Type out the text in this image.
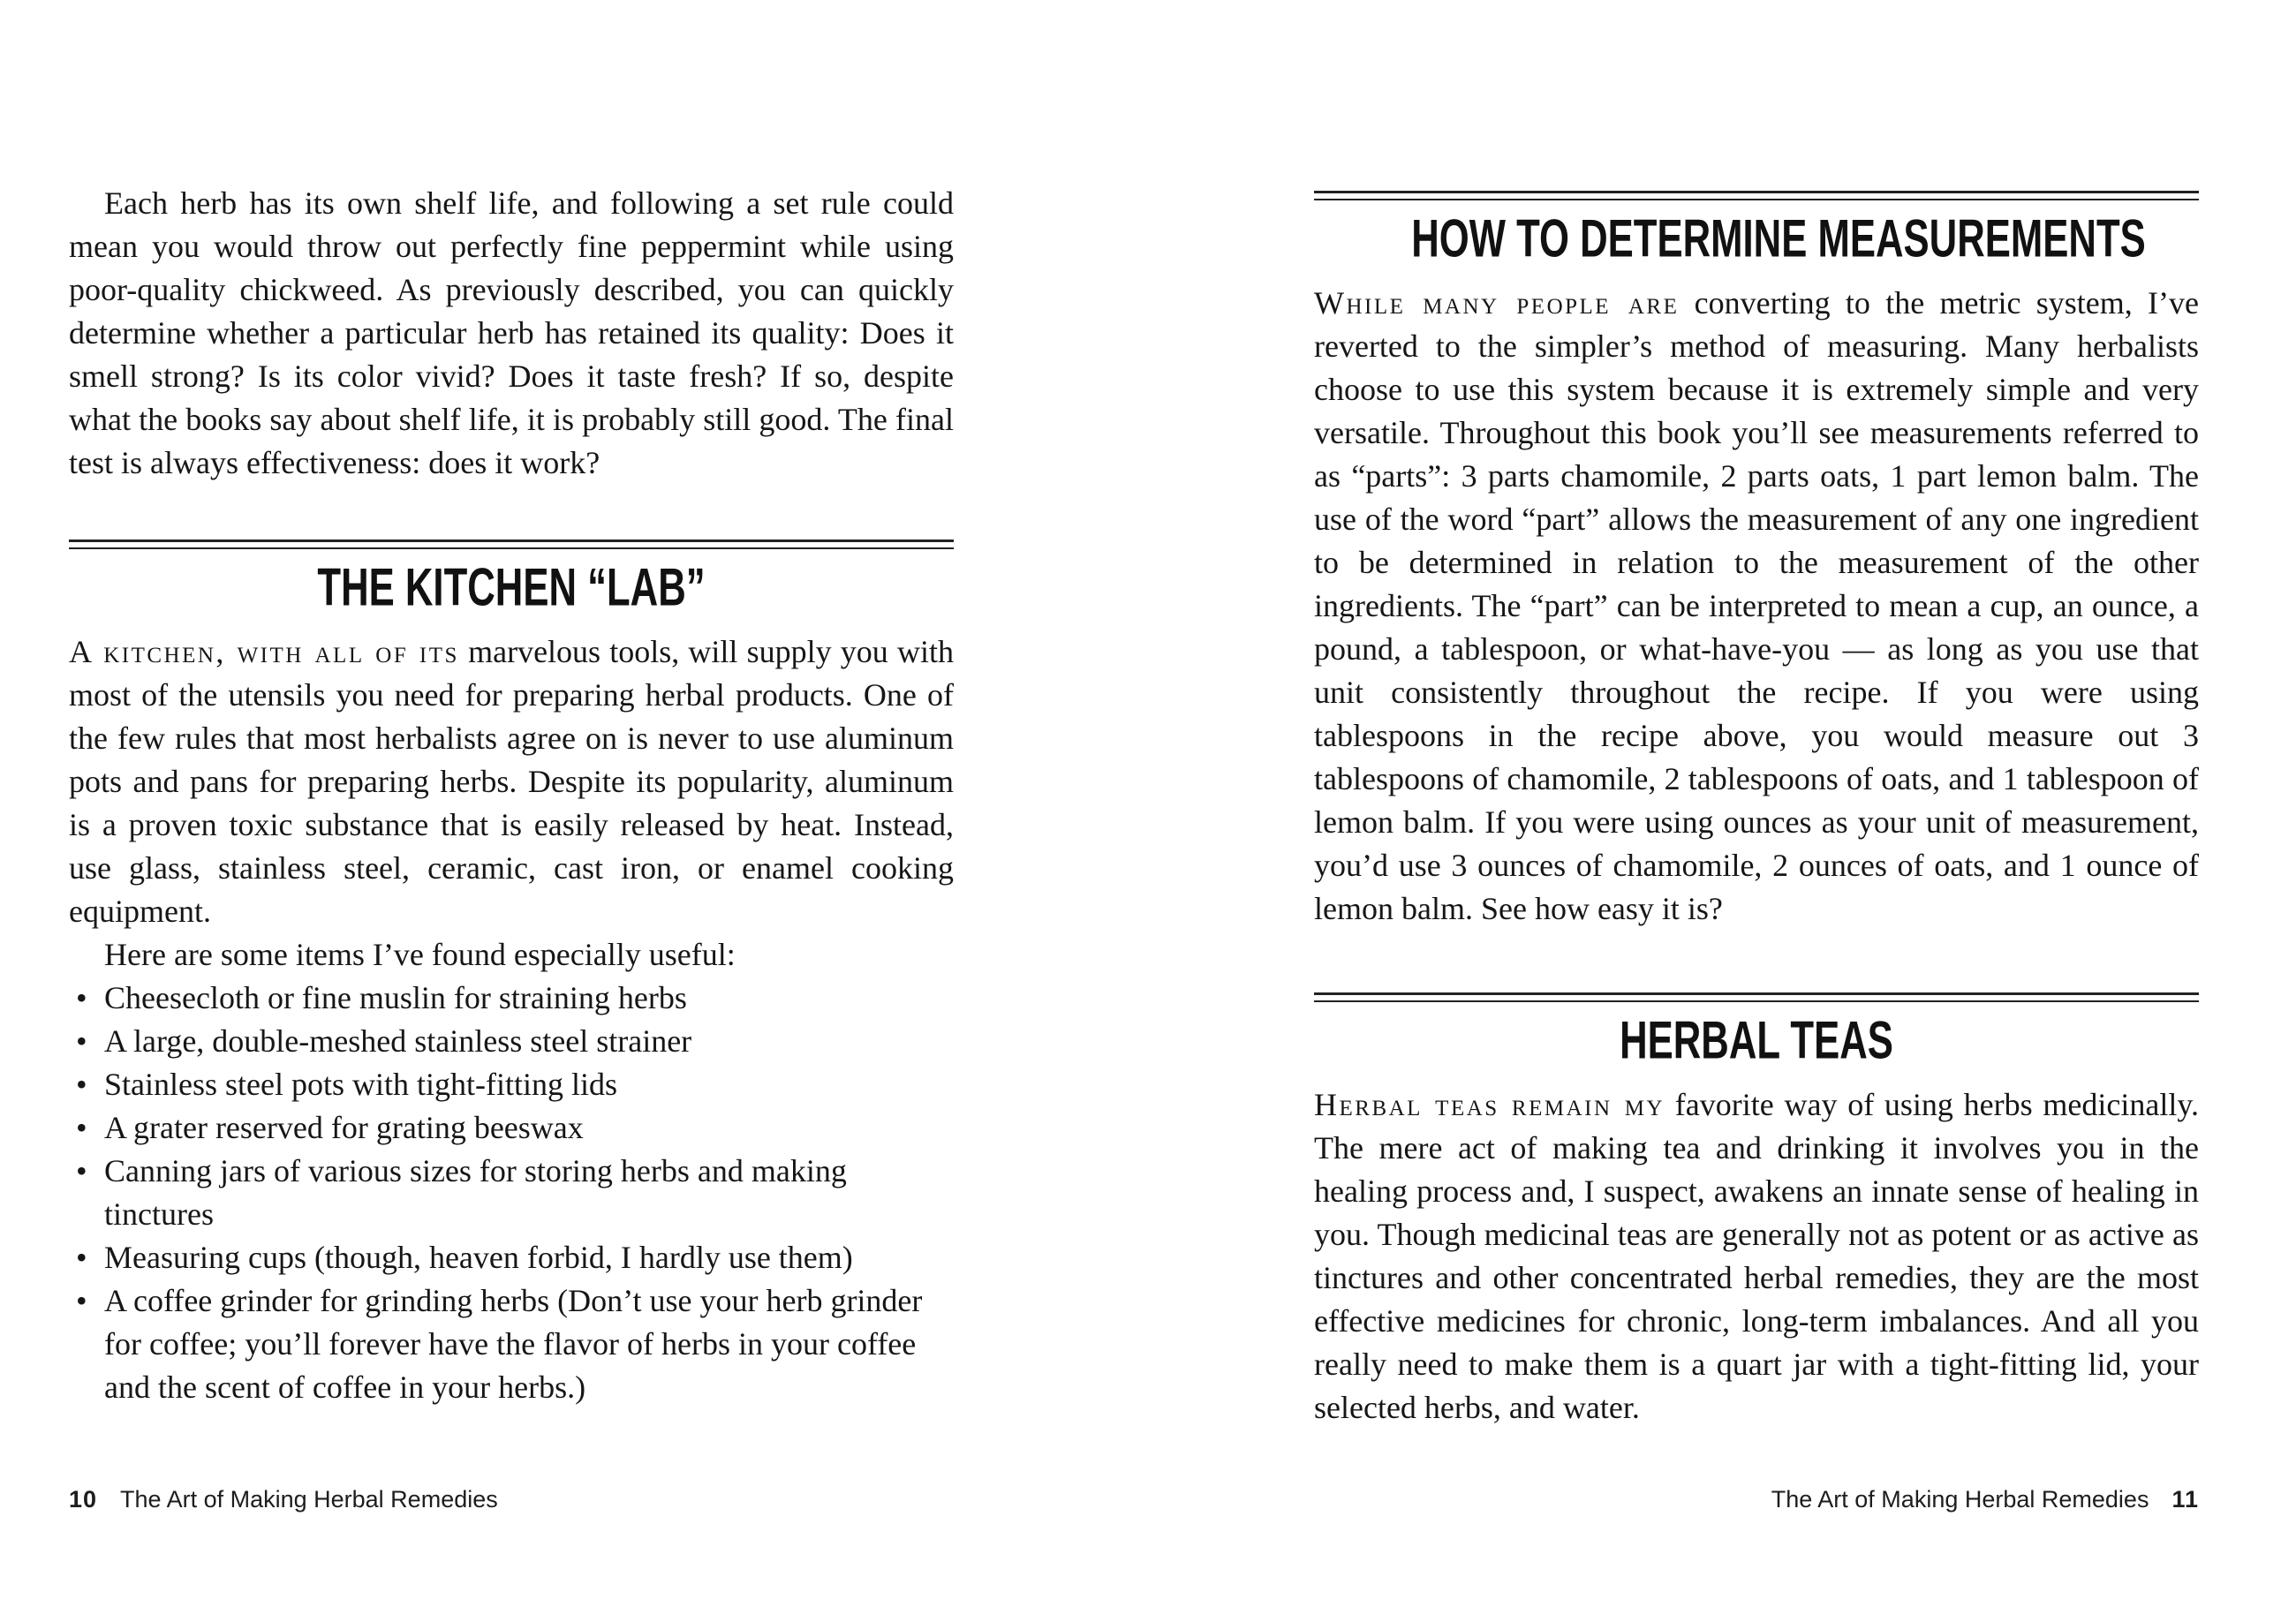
Each herb has its own shelf life, and following a set rule could mean you would throw out perfectly fine peppermint while using poor-quality chickweed. As previously described, you can quickly determine whether a particular herb has retained its quality: Does it smell strong? Is its color vivid? Does it taste fresh? If so, despite what the books say about shelf life, it is probably still good. The final test is always effectiveness: does it work?

THE KITCHEN “LAB”

A kitchen, with all of its marvelous tools, will supply you with most of the utensils you need for preparing herbal products. One of the few rules that most herbalists agree on is never to use aluminum pots and pans for preparing herbs. Despite its popularity, aluminum is a proven toxic substance that is easily released by heat. Instead, use glass, stainless steel, ceramic, cast iron, or enamel cooking equipment.

Here are some items I’ve found especially useful:

• Cheesecloth or fine muslin for straining herbs
• A large, double-meshed stainless steel strainer
• Stainless steel pots with tight-fitting lids
• A grater reserved for grating beeswax
• Canning jars of various sizes for storing herbs and making tinctures
• Measuring cups (though, heaven forbid, I hardly use them)
• A coffee grinder for grinding herbs (Don’t use your herb grinder for coffee; you’ll forever have the flavor of herbs in your coffee and the scent of coffee in your herbs.)
HOW TO DETERMINE MEASUREMENTS

While many people are converting to the metric system, I’ve reverted to the simpler’s method of measuring. Many herbalists choose to use this system because it is extremely simple and very versatile. Throughout this book you’ll see measurements referred to as “parts”: 3 parts chamomile, 2 parts oats, 1 part lemon balm. The use of the word “part” allows the measurement of any one ingredient to be determined in relation to the measurement of the other ingredients. The “part” can be interpreted to mean a cup, an ounce, a pound, a tablespoon, or what-have-you — as long as you use that unit consistently throughout the recipe. If you were using tablespoons in the recipe above, you would measure out 3 tablespoons of chamomile, 2 tablespoons of oats, and 1 tablespoon of lemon balm. If you were using ounces as your unit of measurement, you’d use 3 ounces of chamomile, 2 ounces of oats, and 1 ounce of lemon balm. See how easy it is?

HERBAL TEAS

Herbal teas remain my favorite way of using herbs medicinally. The mere act of making tea and drinking it involves you in the healing process and, I suspect, awakens an innate sense of healing in you. Though medicinal teas are generally not as potent or as active as tinctures and other concentrated herbal remedies, they are the most effective medicines for chronic, long-term imbalances. And all you really need to make them is a quart jar with a tight-fitting lid, your selected herbs, and water.

10 The Art of Making Herbal Remedies	The Art of Making Herbal Remedies 11
